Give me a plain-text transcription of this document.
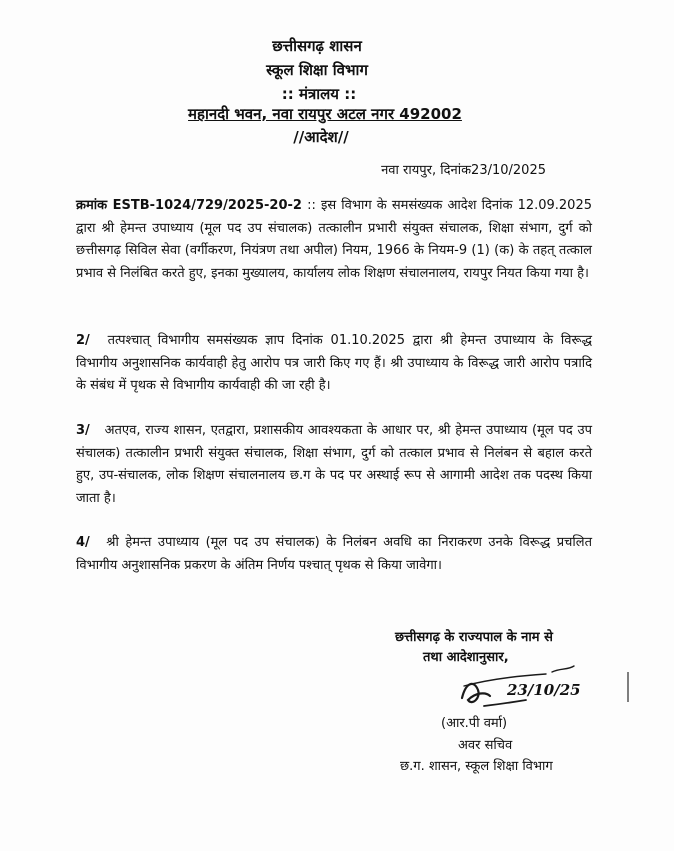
छत्तीसगढ़ शासन
स्कूल शिक्षा विभाग
:: मंत्रालय ::
महानदी भवन, नवा रायपुर अटल नगर 492002
//आदेश//
नवा रायपुर, दिनांक23/10/2025

क्रमांक ESTB-1024/729/2025-20-2 :: इस विभाग के समसंख्यक आदेश दिनांक 12.09.2025 द्वारा श्री हेमन्त उपाध्याय (मूल पद उप संचालक) तत्कालीन प्रभारी संयुक्त संचालक, शिक्षा संभाग, दुर्ग को छत्तीसगढ़ सिविल सेवा (वर्गीकरण, नियंत्रण तथा अपील) नियम, 1966 के नियम-9 (1) (क) के तहत् तत्काल प्रभाव से निलंबित करते हुए, इनका मुख्यालय, कार्यालय लोक शिक्षण संचालनालय, रायपुर नियत किया गया है।

2/ तत्पश्चात् विभागीय समसंख्यक ज्ञाप दिनांक 01.10.2025 द्वारा श्री हेमन्त उपाध्याय के विरूद्ध विभागीय अनुशासनिक कार्यवाही हेतु आरोप पत्र जारी किए गए हैं। श्री उपाध्याय के विरूद्ध जारी आरोप पत्रादि के संबंध में पृथक से विभागीय कार्यवाही की जा रही है।

3/ अतएव, राज्य शासन, एतद्वारा, प्रशासकीय आवश्यकता के आधार पर, श्री हेमन्त उपाध्याय (मूल पद उप संचालक) तत्कालीन प्रभारी संयुक्त संचालक, शिक्षा संभाग, दुर्ग को तत्काल प्रभाव से निलंबन से बहाल करते हुए, उप-संचालक, लोक शिक्षण संचालनालय छ.ग के पद पर अस्थाई रूप से आगामी आदेश तक पदस्थ किया जाता है।

4/ श्री हेमन्त उपाध्याय (मूल पद उप संचालक) के निलंबन अवधि का निराकरण उनके विरूद्ध प्रचलित विभागीय अनुशासनिक प्रकरण के अंतिम निर्णय पश्चात् पृथक से किया जावेगा।

छत्तीसगढ़ के राज्यपाल के नाम से
तथा आदेशानुसार,
23/10/25
(आर.पी वर्मा)
अवर सचिव
छ.ग. शासन, स्कूल शिक्षा विभाग
